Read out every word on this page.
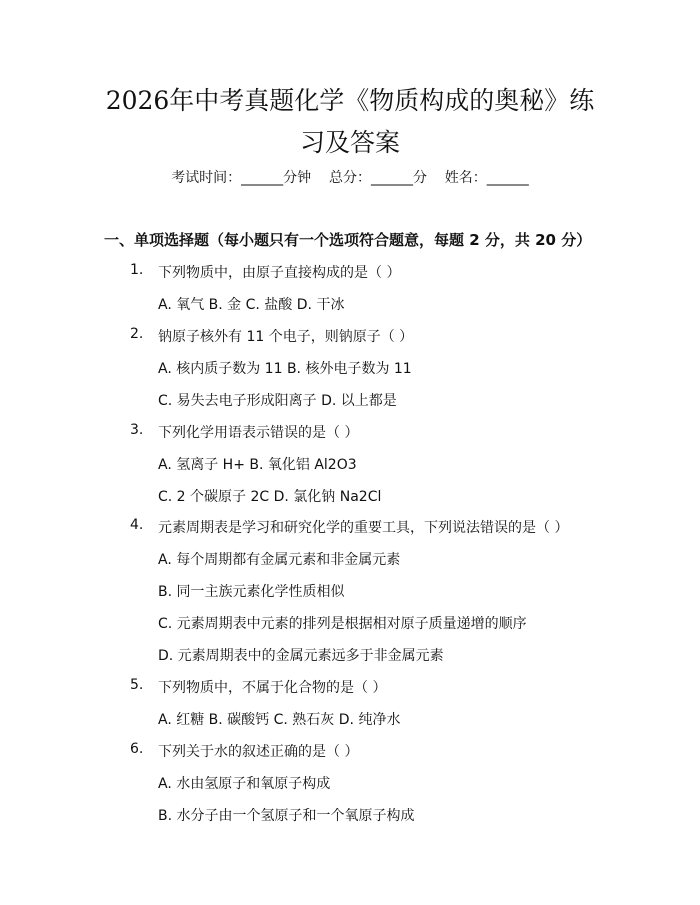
2026年中考真题化学《物质构成的奥秘》练
习及答案
考试时间：______分钟    总分：______分    姓名：______
一、单项选择题（每小题只有一个选项符合题意，每题 2 分，共 20 分）
1. 下列物质中，由原子直接构成的是（ ）
A. 氧气 B. 金 C. 盐酸 D. 干冰
2. 钠原子核外有 11 个电子，则钠原子（ ）
A. 核内质子数为 11 B. 核外电子数为 11
C. 易失去电子形成阳离子 D. 以上都是
3. 下列化学用语表示错误的是（ ）
A. 氢离子 H+ B. 氧化铝 Al2O3
C. 2 个碳原子 2C D. 氯化钠 Na2Cl
4. 元素周期表是学习和研究化学的重要工具，下列说法错误的是（ ）
A. 每个周期都有金属元素和非金属元素
B. 同一主族元素化学性质相似
C. 元素周期表中元素的排列是根据相对原子质量递增的顺序
D. 元素周期表中的金属元素远多于非金属元素
5. 下列物质中，不属于化合物的是（ ）
A. 红糖 B. 碳酸钙 C. 熟石灰 D. 纯净水
6. 下列关于水的叙述正确的是（ ）
A. 水由氢原子和氧原子构成
B. 水分子由一个氢原子和一个氧原子构成
